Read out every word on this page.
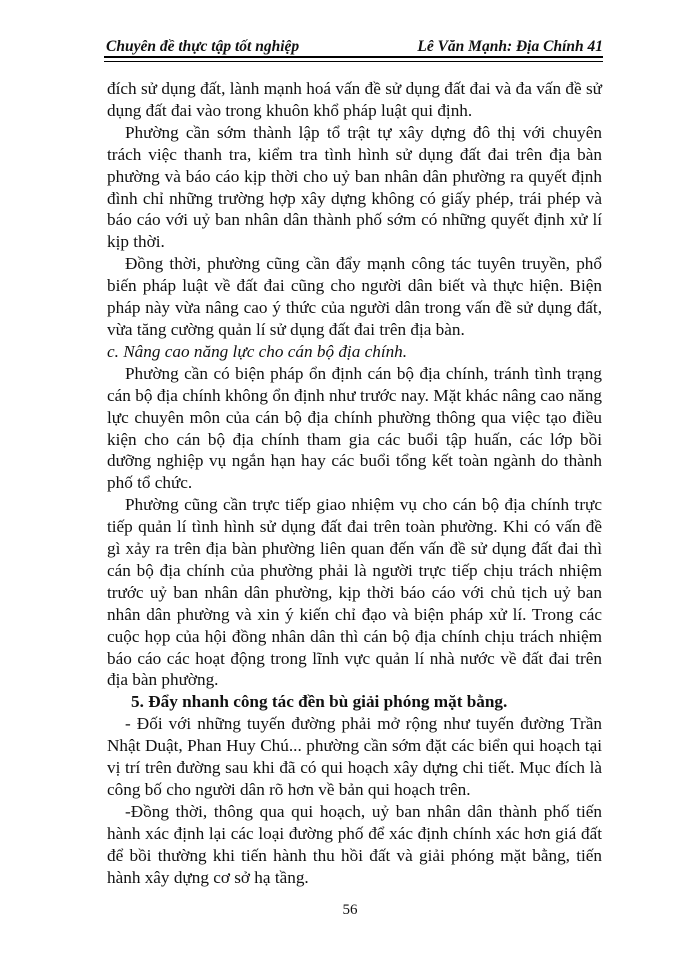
Chuyên đề thực tập tốt nghiệp	Lê Văn Mạnh: Địa Chính 41

đích sử dụng đất, lành mạnh hoá vấn đề sử dụng đất đai và đa vấn đề sử dụng đất đai vào trong khuôn khổ pháp luật qui định.

Phường cần sớm thành lập tổ trật tự xây dựng đô thị với chuyên trách việc thanh tra, kiểm tra tình hình sử dụng đất đai trên địa bàn phường và báo cáo kịp thời cho uỷ ban nhân dân phường ra quyết định đình chỉ những trường hợp xây dựng không có giấy phép, trái phép và báo cáo với uỷ ban nhân dân thành phố sớm có những quyết định xử lí kịp thời.

Đồng thời, phường cũng cần đẩy mạnh công tác tuyên truyền, phổ biến pháp luật về đất đai cũng cho người dân biết và thực hiện. Biện pháp này vừa nâng cao ý thức của người dân trong vấn đề sử dụng đất, vừa tăng cường quản lí sử dụng đất đai trên địa bàn.

c. Nâng cao năng lực cho cán bộ địa chính.

Phường cần có biện pháp ổn định cán bộ địa chính, tránh tình trạng cán bộ địa chính không ổn định như trước nay. Mặt khác nâng cao năng lực chuyên môn của cán bộ địa chính phường thông qua việc tạo điều kiện cho cán bộ địa chính tham gia các buổi tập huấn, các lớp bồi dưỡng nghiệp vụ ngắn hạn hay các buổi tổng kết toàn ngành do thành phố tổ chức.

Phường cũng cần trực tiếp giao nhiệm vụ cho cán bộ địa chính trực tiếp quản lí tình hình sử dụng đất đai trên toàn phường. Khi có vấn đề gì xảy ra trên địa bàn phường liên quan đến vấn đề sử dụng đất đai thì cán bộ địa chính của phường phải là người trực tiếp chịu trách nhiệm trước uỷ ban nhân dân phường, kịp thời báo cáo với chủ tịch uỷ ban nhân dân phường và xin ý kiến chỉ đạo và biện pháp xử lí. Trong các cuộc họp của hội đồng nhân dân thì cán bộ địa chính chịu trách nhiệm báo cáo các hoạt động trong lĩnh vực quản lí nhà nước về đất đai trên địa bàn phường.

5. Đẩy nhanh công tác đền bù giải phóng mặt bằng.

- Đối với những tuyến đường phải mở rộng như tuyến đường Trần Nhật Duật, Phan Huy Chú... phường cần sớm đặt các biển qui hoạch tại vị trí trên đường sau khi đã có qui hoạch xây dựng chi tiết. Mục đích là công bố cho người dân rõ hơn về bản qui hoạch trên.

-Đồng thời, thông qua qui hoạch, uỷ ban nhân dân thành phố tiến hành xác định lại các loại đường phố để xác định chính xác hơn giá đất để bồi thường khi tiến hành thu hồi đất và giải phóng mặt bằng, tiến hành xây dựng cơ sở hạ tầng.

56
